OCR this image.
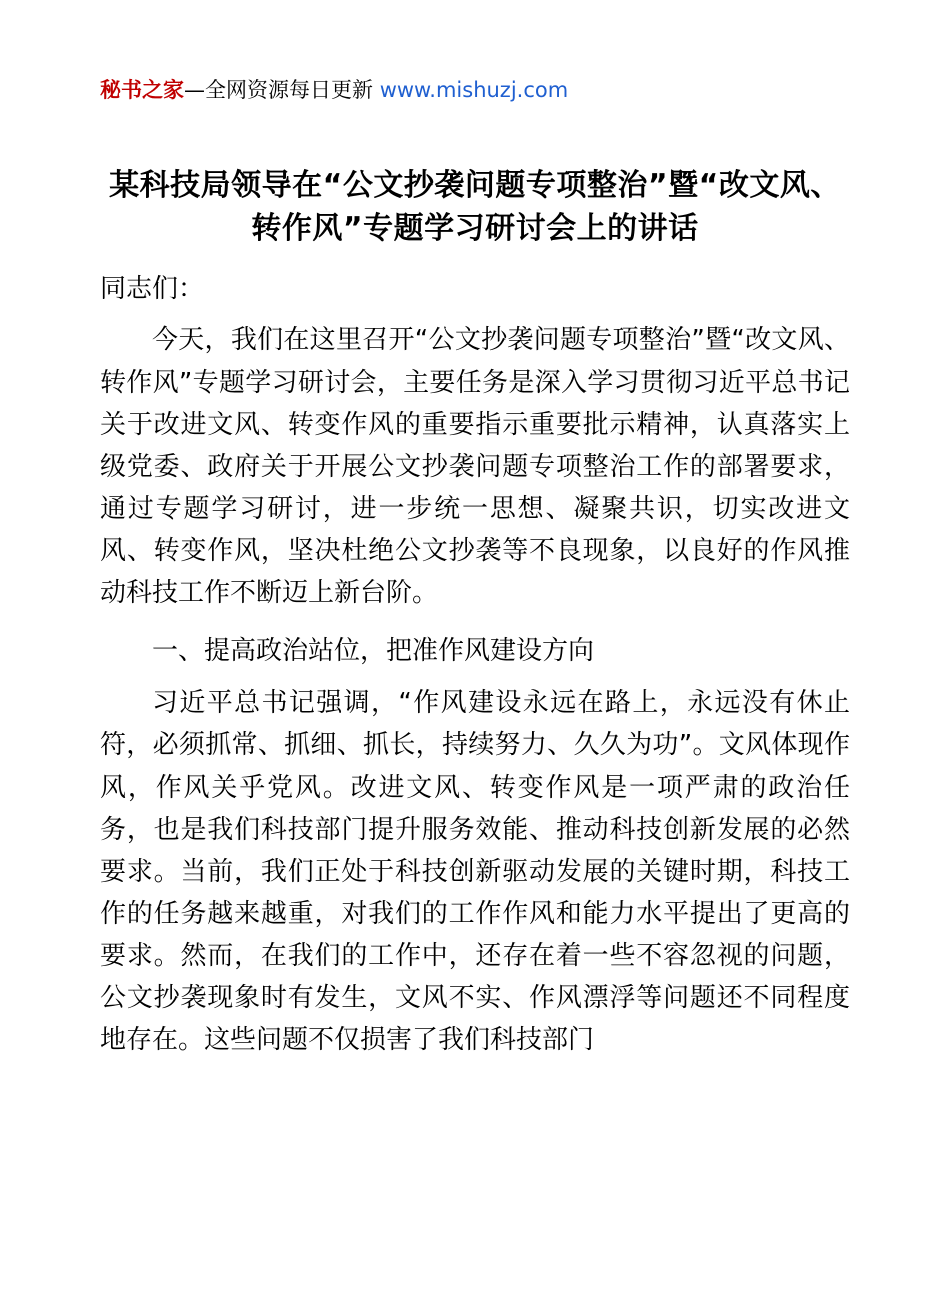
秘书之家—全网资源每日更新 www.mishuzj.com
某科技局领导在“公文抄袭问题专项整治”暨“改文风、转作风”专题学习研讨会上的讲话
同志们：

今天，我们在这里召开“公文抄袭问题专项整治”暨“改文风、转作风”专题学习研讨会，主要任务是深入学习贯彻习近平总书记关于改进文风、转变作风的重要指示重要批示精神，认真落实上级党委、政府关于开展公文抄袭问题专项整治工作的部署要求，通过专题学习研讨，进一步统一思想、凝聚共识，切实改进文风、转变作风，坚决杜绝公文抄袭等不良现象，以良好的作风推动科技工作不断迈上新台阶。

一、提高政治站位，把准作风建设方向

习近平总书记强调，“作风建设永远在路上，永远没有休止符，必须抓常、抓细、抓长，持续努力、久久为功”。文风体现作风，作风关乎党风。改进文风、转变作风是一项严肃的政治任务，也是我们科技部门提升服务效能、推动科技创新发展的必然要求。当前，我们正处于科技创新驱动发展的关键时期，科技工作的任务越来越重，对我们的工作作风和能力水平提出了更高的要求。然而，在我们的工作中，还存在着一些不容忽视的问题，公文抄袭现象时有发生，文风不实、作风漂浮等问题还不同程度地存在。这些问题不仅损害了我们科技部门
